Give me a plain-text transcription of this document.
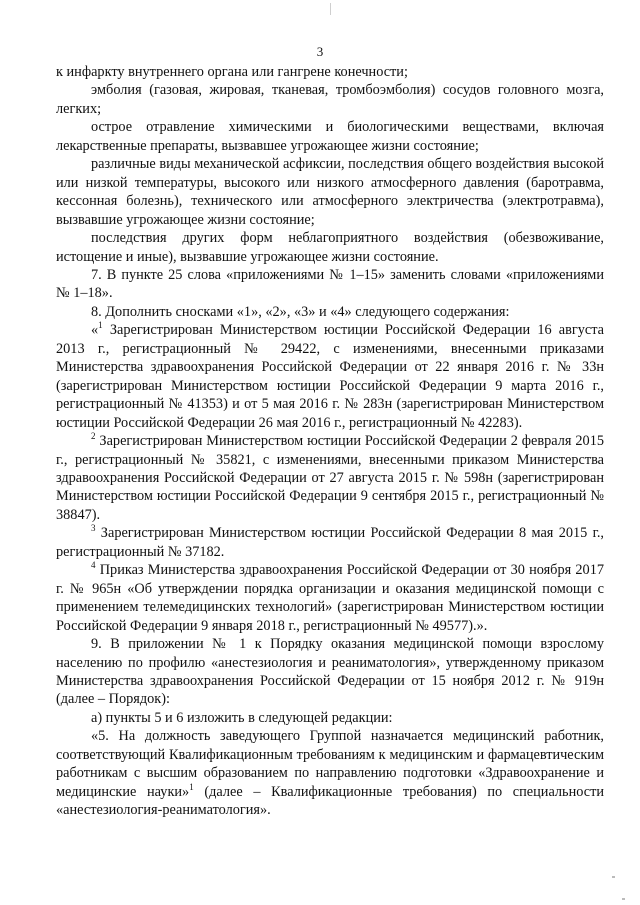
3

к инфаркту внутреннего органа или гангрене конечности;

эмболия (газовая, жировая, тканевая, тромбоэмболия) сосудов головного мозга, легких;

острое отравление химическими и биологическими веществами, включая лекарственные препараты, вызвавшее угрожающее жизни состояние;

различные виды механической асфиксии, последствия общего воздействия высокой или низкой температуры, высокого или низкого атмосферного давления (баротравма, кессонная болезнь), технического или атмосферного электричества (электротравма), вызвавшие угрожающее жизни состояние;

последствия других форм неблагоприятного воздействия (обезвоживание, истощение и иные), вызвавшие угрожающее жизни состояние.

7. В пункте 25 слова «приложениями № 1–15» заменить словами «приложениями № 1–18».

8. Дополнить сносками «1», «2», «3» и «4» следующего содержания:

«$^1$ Зарегистрирован Министерством юстиции Российской Федерации 16 августа 2013 г., регистрационный № 29422, с изменениями, внесенными приказами Министерства здравоохранения Российской Федерации от 22 января 2016 г. № 33н (зарегистрирован Министерством юстиции Российской Федерации 9 марта 2016 г., регистрационный № 41353) и от 5 мая 2016 г. № 283н (зарегистрирован Министерством юстиции Российской Федерации 26 мая 2016 г., регистрационный № 42283).

$^2$ Зарегистрирован Министерством юстиции Российской Федерации 2 февраля 2015 г., регистрационный № 35821, с изменениями, внесенными приказом Министерства здравоохранения Российской Федерации от 27 августа 2015 г. № 598н (зарегистрирован Министерством юстиции Российской Федерации 9 сентября 2015 г., регистрационный № 38847).

$^3$ Зарегистрирован Министерством юстиции Российской Федерации 8 мая 2015 г., регистрационный № 37182.

$^4$ Приказ Министерства здравоохранения Российской Федерации от 30 ноября 2017 г. № 965н «Об утверждении порядка организации и оказания медицинской помощи с применением телемедицинских технологий» (зарегистрирован Министерством юстиции Российской Федерации 9 января 2018 г., регистрационный № 49577).».

9. В приложении № 1 к Порядку оказания медицинской помощи взрослому населению по профилю «анестезиология и реаниматология», утвержденному приказом Министерства здравоохранения Российской Федерации от 15 ноября 2012 г. № 919н (далее – Порядок):

а) пункты 5 и 6 изложить в следующей редакции:

«5. На должность заведующего Группой назначается медицинский работник, соответствующий Квалификационным требованиям к медицинским и фармацевтическим работникам с высшим образованием по направлению подготовки «Здравоохранение и медицинские науки»$^1$ (далее – Квалификационные требования) по специальности «анестезиология-реаниматология».
